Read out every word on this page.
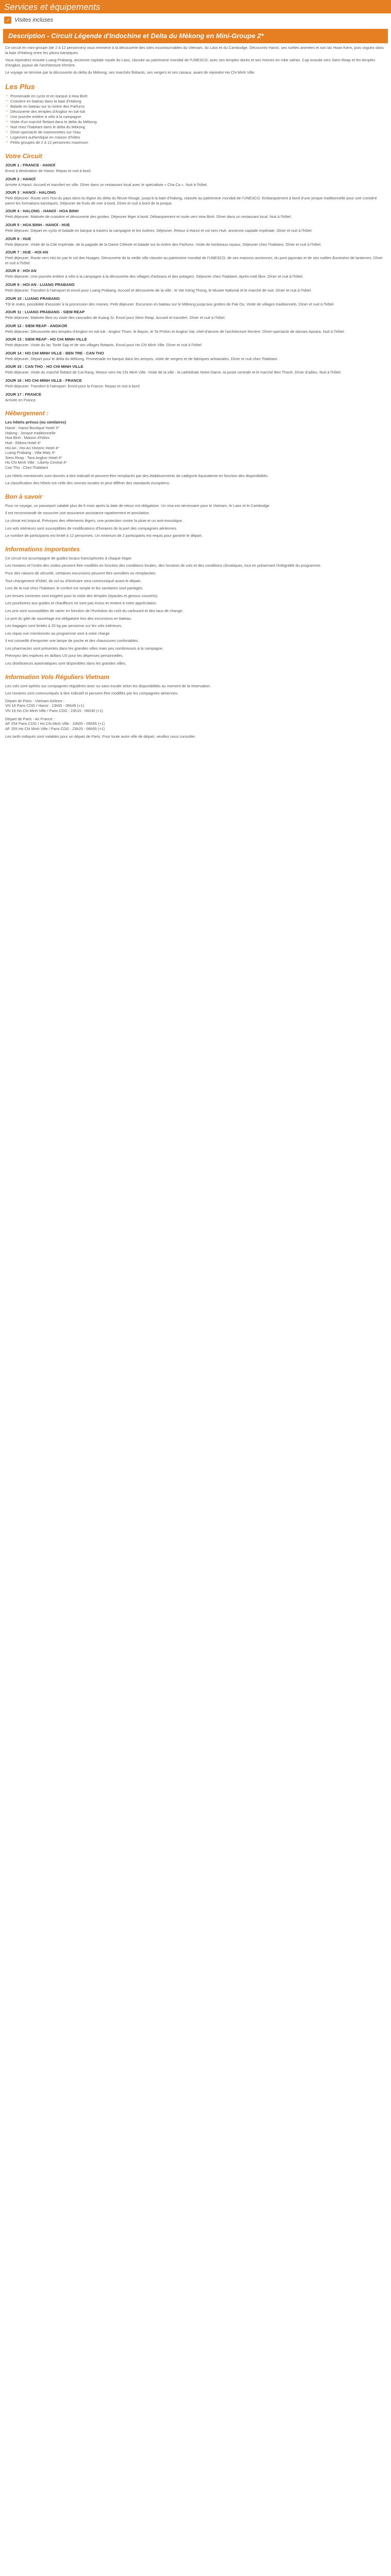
Services et équipements
✓ Visites incluses
Description - Circuit Légende d'Indochine et Delta du Mékong en Mini-Groupe 2*

Ce circuit en mini-groupe (de 2 à 12 personnes) vous emmène à la découverte des sites incontournables du Vietnam, du Laos et du Cambodge. Découvrez Hanoï, ses ruelles animées et son lac Hoan Kiem, puis voguez dans la baie d'Halong entre les pitons karstiques.

Vous rejoindrez ensuite Luang Prabang, ancienne capitale royale du Laos, classée au patrimoine mondial de l'UNESCO, avec ses temples dorés et ses moines en robe safran. Cap ensuite vers Siem Reap et les temples d'Angkor, joyaux de l'architecture khmère.

Le voyage se termine par la découverte du delta du Mékong, ses marchés flottants, ses vergers et ses canaux, avant de rejoindre Ho Chi Minh Ville.

Les Plus
* Promenade en cyclo et en barque à Hoa Binh
* Croisière en bateau dans la baie d'Halong
* Balade en bateau sur la rivière des Parfums
* Découverte des temples d'Angkor en tuk-tuk
* Une journée entière à vélo à la campagne
* Visite d'un marché flottant dans le delta du Mékong
* Nuit chez l'habitant dans le delta du Mékong
* Dîner-spectacle de marionnettes sur l'eau
* Logement authentique en maison d'hôtes
* Petits groupes de 2 à 12 personnes maximum
Votre Circuit
JOUR 1 : FRANCE - HANOÏ

Envol à destination de Hanoï. Repas et nuit à bord.

JOUR 2 : HANOÏ

Arrivée à Hanoï. Accueil et transfert en ville. Dîner dans un restaurant local avec le spécialiste « Cha Ca ». Nuit à l'hôtel.

JOUR 3 : HANOÏ - HALONG

Petit déjeuner. Route vers l'est du pays dans la région du delta du fleuve Rouge, jusqu'à la baie d'Halong, classée au patrimoine mondial de l'UNESCO. Embarquement à bord d'une jonque traditionnelle pour une croisière parmi les formations karstiques. Déjeuner de fruits de mer à bord. Dîner et nuit à bord de la jonque.

JOUR 4 : HALONG - HANOÏ - HOA BINH

Petit déjeuner. Matinée de croisière et découverte des grottes. Déjeuner léger à bord. Débarquement et route vers Hoa Binh. Dîner dans un restaurant local. Nuit à l'hôtel.

JOUR 5 : HOA BINH - HANOÏ - HUE

Petit déjeuner. Départ en cyclo et balade en barque à travers la campagne et les rizières. Déjeuner. Retour à Hanoï et vol vers Hué, ancienne capitale impériale. Dîner et nuit à l'hôtel.

JOUR 6 : HUE

Petit déjeuner. Visite de la Cité Impériale, de la pagode de la Dame Céleste et balade sur la rivière des Parfums. Visite de tombeaux royaux. Déjeuner chez l'habitant. Dîner et nuit à l'hôtel.

JOUR 7 : HUE - HOI AN

Petit déjeuner. Route vers Hoi An par le col des Nuages. Découverte de la vieille ville classée au patrimoine mondial de l'UNESCO, de ses maisons anciennes, du pont japonais et de ses ruelles illuminées de lanternes. Dîner et nuit à l'hôtel.

JOUR 8 : HOI AN

Petit déjeuner. Une journée entière à vélo à la campagne à la découverte des villages d'artisans et des potagers. Déjeuner chez l'habitant. Après-midi libre. Dîner et nuit à l'hôtel.

JOUR 9 : HOI AN - LUANG PRABANG

Petit déjeuner. Transfert à l'aéroport et envol pour Luang Prabang. Accueil et découverte de la ville : le Vat Xieng Thong, le Musée National et le marché de nuit. Dîner et nuit à l'hôtel.

JOUR 10 : LUANG PRABANG

Tôt le matin, possibilité d'assister à la procession des moines. Petit déjeuner. Excursion en bateau sur le Mékong jusqu'aux grottes de Pak Ou. Visite de villages traditionnels. Dîner et nuit à l'hôtel.

JOUR 11 : LUANG PRABANG - SIEM REAP

Petit déjeuner. Matinée libre ou visite des cascades de Kuang Si. Envol pour Siem Reap. Accueil et transfert. Dîner et nuit à l'hôtel.

JOUR 12 : SIEM REAP - ANGKOR

Petit déjeuner. Découverte des temples d'Angkor en tuk-tuk : Angkor Thom, le Bayon, le Ta Prohm et Angkor Vat, chef-d'œuvre de l'architecture khmère. Dîner-spectacle de danses Apsara. Nuit à l'hôtel.

JOUR 13 : SIEM REAP - HO CHI MINH VILLE

Petit déjeuner. Visite du lac Tonlé Sap et de ses villages flottants. Envol pour Ho Chi Minh Ville. Dîner et nuit à l'hôtel.

JOUR 14 : HO CHI MINH VILLE - BEN TRE - CAN THO

Petit déjeuner. Départ pour le delta du Mékong. Promenade en barque dans les arroyos, visite de vergers et de fabriques artisanales. Dîner et nuit chez l'habitant.

JOUR 15 : CAN THO - HO CHI MINH VILLE

Petit déjeuner. Visite du marché flottant de Cai Rang. Retour vers Ho Chi Minh Ville. Visite de la ville : la cathédrale Notre-Dame, la poste centrale et le marché Ben Thanh. Dîner d'adieu. Nuit à l'hôtel.

JOUR 16 : HO CHI MINH VILLE - FRANCE

Petit déjeuner. Transfert à l'aéroport. Envol pour la France. Repas et nuit à bord.

JOUR 17 : FRANCE

Arrivée en France.

Hébergement :
Les hôtels prévus (ou similaires)

Hanoï : Hanoi Boutique Hotel 3*

Halong : Jonque traditionnelle

Hoa Binh : Maison d'hôtes

Hué : Eldora Hotel 4*

Hoi An : Hoi An Historic Hotel 4*

Luang Prabang : Villa Maly 4*

Siem Reap : Tara Angkor Hotel 4*

Ho Chi Minh Ville : Liberty Central 4*

Can Tho : Chez l'habitant

Les hôtels mentionnés sont donnés à titre indicatif et peuvent être remplacés par des établissements de catégorie équivalente en fonction des disponibilités.

La classification des hôtels est celle des normes locales et peut différer des standards européens.

Bon à savoir

Pour ce voyage, un passeport valable plus de 6 mois après la date de retour est obligatoire. Un visa est nécessaire pour le Vietnam, le Laos et le Cambodge.

Il est recommandé de souscrire une assurance assistance rapatriement et annulation.

Le climat est tropical. Prévoyez des vêtements légers, une protection contre la pluie et un anti-moustique.

Les vols intérieurs sont susceptibles de modifications d'horaires de la part des compagnies aériennes.

Le nombre de participants est limité à 12 personnes. Un minimum de 2 participants est requis pour garantir le départ.

Informations importantes

Ce circuit est accompagné de guides locaux francophones à chaque étape.

Les horaires et l'ordre des visites peuvent être modifiés en fonction des conditions locales, des horaires de vols et des conditions climatiques, tout en préservant l'intégralité du programme.

Pour des raisons de sécurité, certaines excursions peuvent être annulées ou remplacées.

Tout changement d'hôtel, de vol ou d'itinéraire sera communiqué avant le départ.

Lors de la nuit chez l'habitant, le confort est simple et les sanitaires sont partagés.

Les tenues correctes sont exigées pour la visite des temples (épaules et genoux couverts).

Les pourboires aux guides et chauffeurs ne sont pas inclus et restent à votre appréciation.

Les prix sont susceptibles de varier en fonction de l'évolution du coût du carburant et des taux de change.

Le port du gilet de sauvetage est obligatoire lors des excursions en bateau.

Les bagages sont limités à 20 kg par personne sur les vols intérieurs.

Les repas non mentionnés au programme sont à votre charge.

Il est conseillé d'emporter une lampe de poche et des chaussures confortables.

Les pharmacies sont présentes dans les grandes villes mais peu nombreuses à la campagne.

Prévoyez des espèces en dollars US pour les dépenses personnelles.

Les distributeurs automatiques sont disponibles dans les grandes villes.

Information Vols Réguliers Vietnam

Les vols sont opérés sur compagnies régulières avec ou sans escale selon les disponibilités au moment de la réservation.

Les horaires sont communiqués à titre indicatif et peuvent être modifiés par les compagnies aériennes.

Départ de Paris - Vietnam Airlines :

VN 18 Paris CDG / Hanoï : 13h55 - 06h45 (+1)

VN 19 Ho Chi Minh Ville / Paris CDG : 23h15 - 06h30 (+1)

Départ de Paris - Air France :

AF 254 Paris CDG / Ho Chi Minh Ville : 10h05 - 05h55 (+1)

AF 255 Ho Chi Minh Ville / Paris CDG : 23h20 - 06h55 (+1)

Les tarifs indiqués sont valables pour un départ de Paris. Pour toute autre ville de départ, veuillez nous consulter.
